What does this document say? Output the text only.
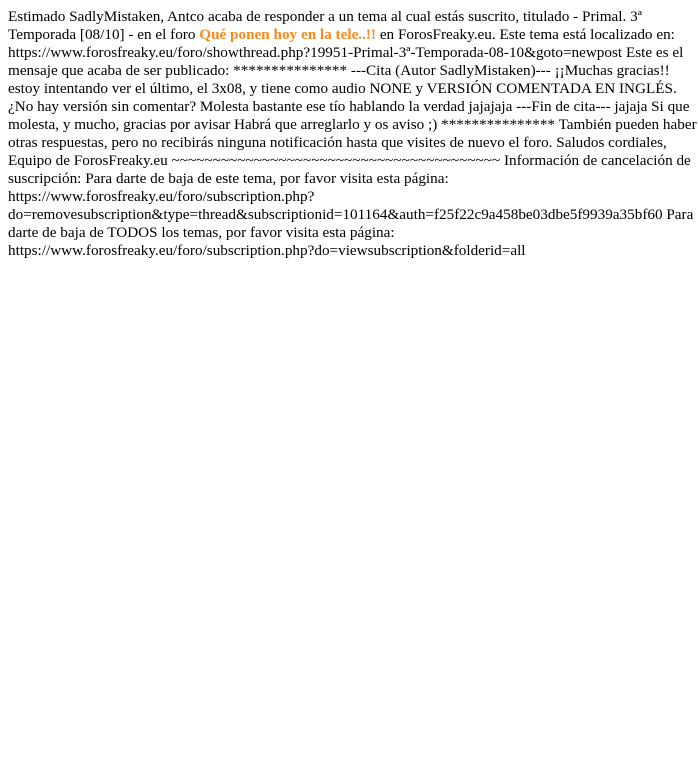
Estimado SadlyMistaken, Antco acaba de responder a un tema al cual estás suscrito, titulado - Primal. 3ª Temporada [08/10] - en el foro Qué ponen hoy en la tele..!! en ForosFreaky.eu. Este tema está localizado en: https://www.forosfreaky.eu/foro/showthread.php?19951-Primal-3ª-Temporada-08-10&goto=newpost Este es el mensaje que acaba de ser publicado: *************** ---Cita (Autor SadlyMistaken)--- ¡¡Muchas gracias!! estoy intentando ver el último, el 3x08, y tiene como audio NONE y VERSIÓN COMENTADA EN INGLÉS. ¿No hay versión sin comentar? Molesta bastante ese tío hablando la verdad jajajaja ---Fin de cita--- jajaja Si que molesta, y mucho, gracias por avisar Habrá que arreglarlo y os aviso ;) *************** También pueden haber otras respuestas, pero no recibirás ninguna notificación hasta que visites de nuevo el foro. Saludos cordiales, Equipo de ForosFreaky.eu ~~~~~~~~~~~~~~~~~~~~~~~~~~~~~~~~~~~~~~~~ Información de cancelación de suscripción: Para darte de baja de este tema, por favor visita esta página: https://www.forosfreaky.eu/foro/subscription.php?do=removesubscription&type=thread&subscriptionid=101164&auth=f25f22c9a458be03dbe5f9939a35bf60 Para darte de baja de TODOS los temas, por favor visita esta página: https://www.forosfreaky.eu/foro/subscription.php?do=viewsubscription&folderid=all
